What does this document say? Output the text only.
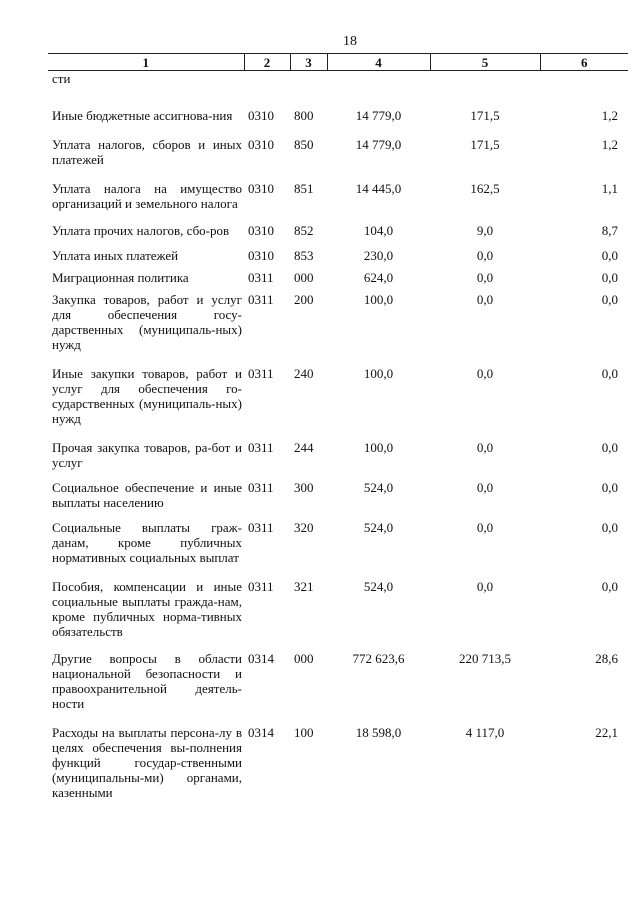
18
1	2	3	4	5	6
сти					

Иные бюджетные ассигнова-ния	0310	800	14 779,0	171,5	1,2

Уплата налогов, сборов и иных платежей	0310	850	14 779,0	171,5	1,2

Уплата налога на имущество организаций и земельного налога	0310	851	14 445,0	162,5	1,1

Уплата прочих налогов, сбо-ров	0310	852	104,0	9,0	8,7

Уплата иных платежей	0310	853	230,0	0,0	0,0

Миграционная политика	0311	000	624,0	0,0	0,0

Закупка товаров, работ и услуг для обеспечения госу-дарственных (муниципаль-ных) нужд	0311	200	100,0	0,0	0,0

Иные закупки товаров, работ и услуг для обеспечения го-сударственных (муниципаль-ных) нужд	0311	240	100,0	0,0	0,0

Прочая закупка товаров, ра-бот и услуг	0311	244	100,0	0,0	0,0

Социальное обеспечение и иные выплаты населению	0311	300	524,0	0,0	0,0

Социальные выплаты граж-данам, кроме публичных нормативных социальных выплат	0311	320	524,0	0,0	0,0

Пособия, компенсации и иные социальные выплаты гражда-нам, кроме публичных норма-тивных обязательств	0311	321	524,0	0,0	0,0

Другие вопросы в области национальной безопасности и правоохранительной деятель-ности	0314	000	772 623,6	220 713,5	28,6

Расходы на выплаты персона-лу в целях обеспечения вы-полнения функций государ-ственными (муниципальны-ми) органами, казенными	0314	100	18 598,0	4 117,0	22,1
